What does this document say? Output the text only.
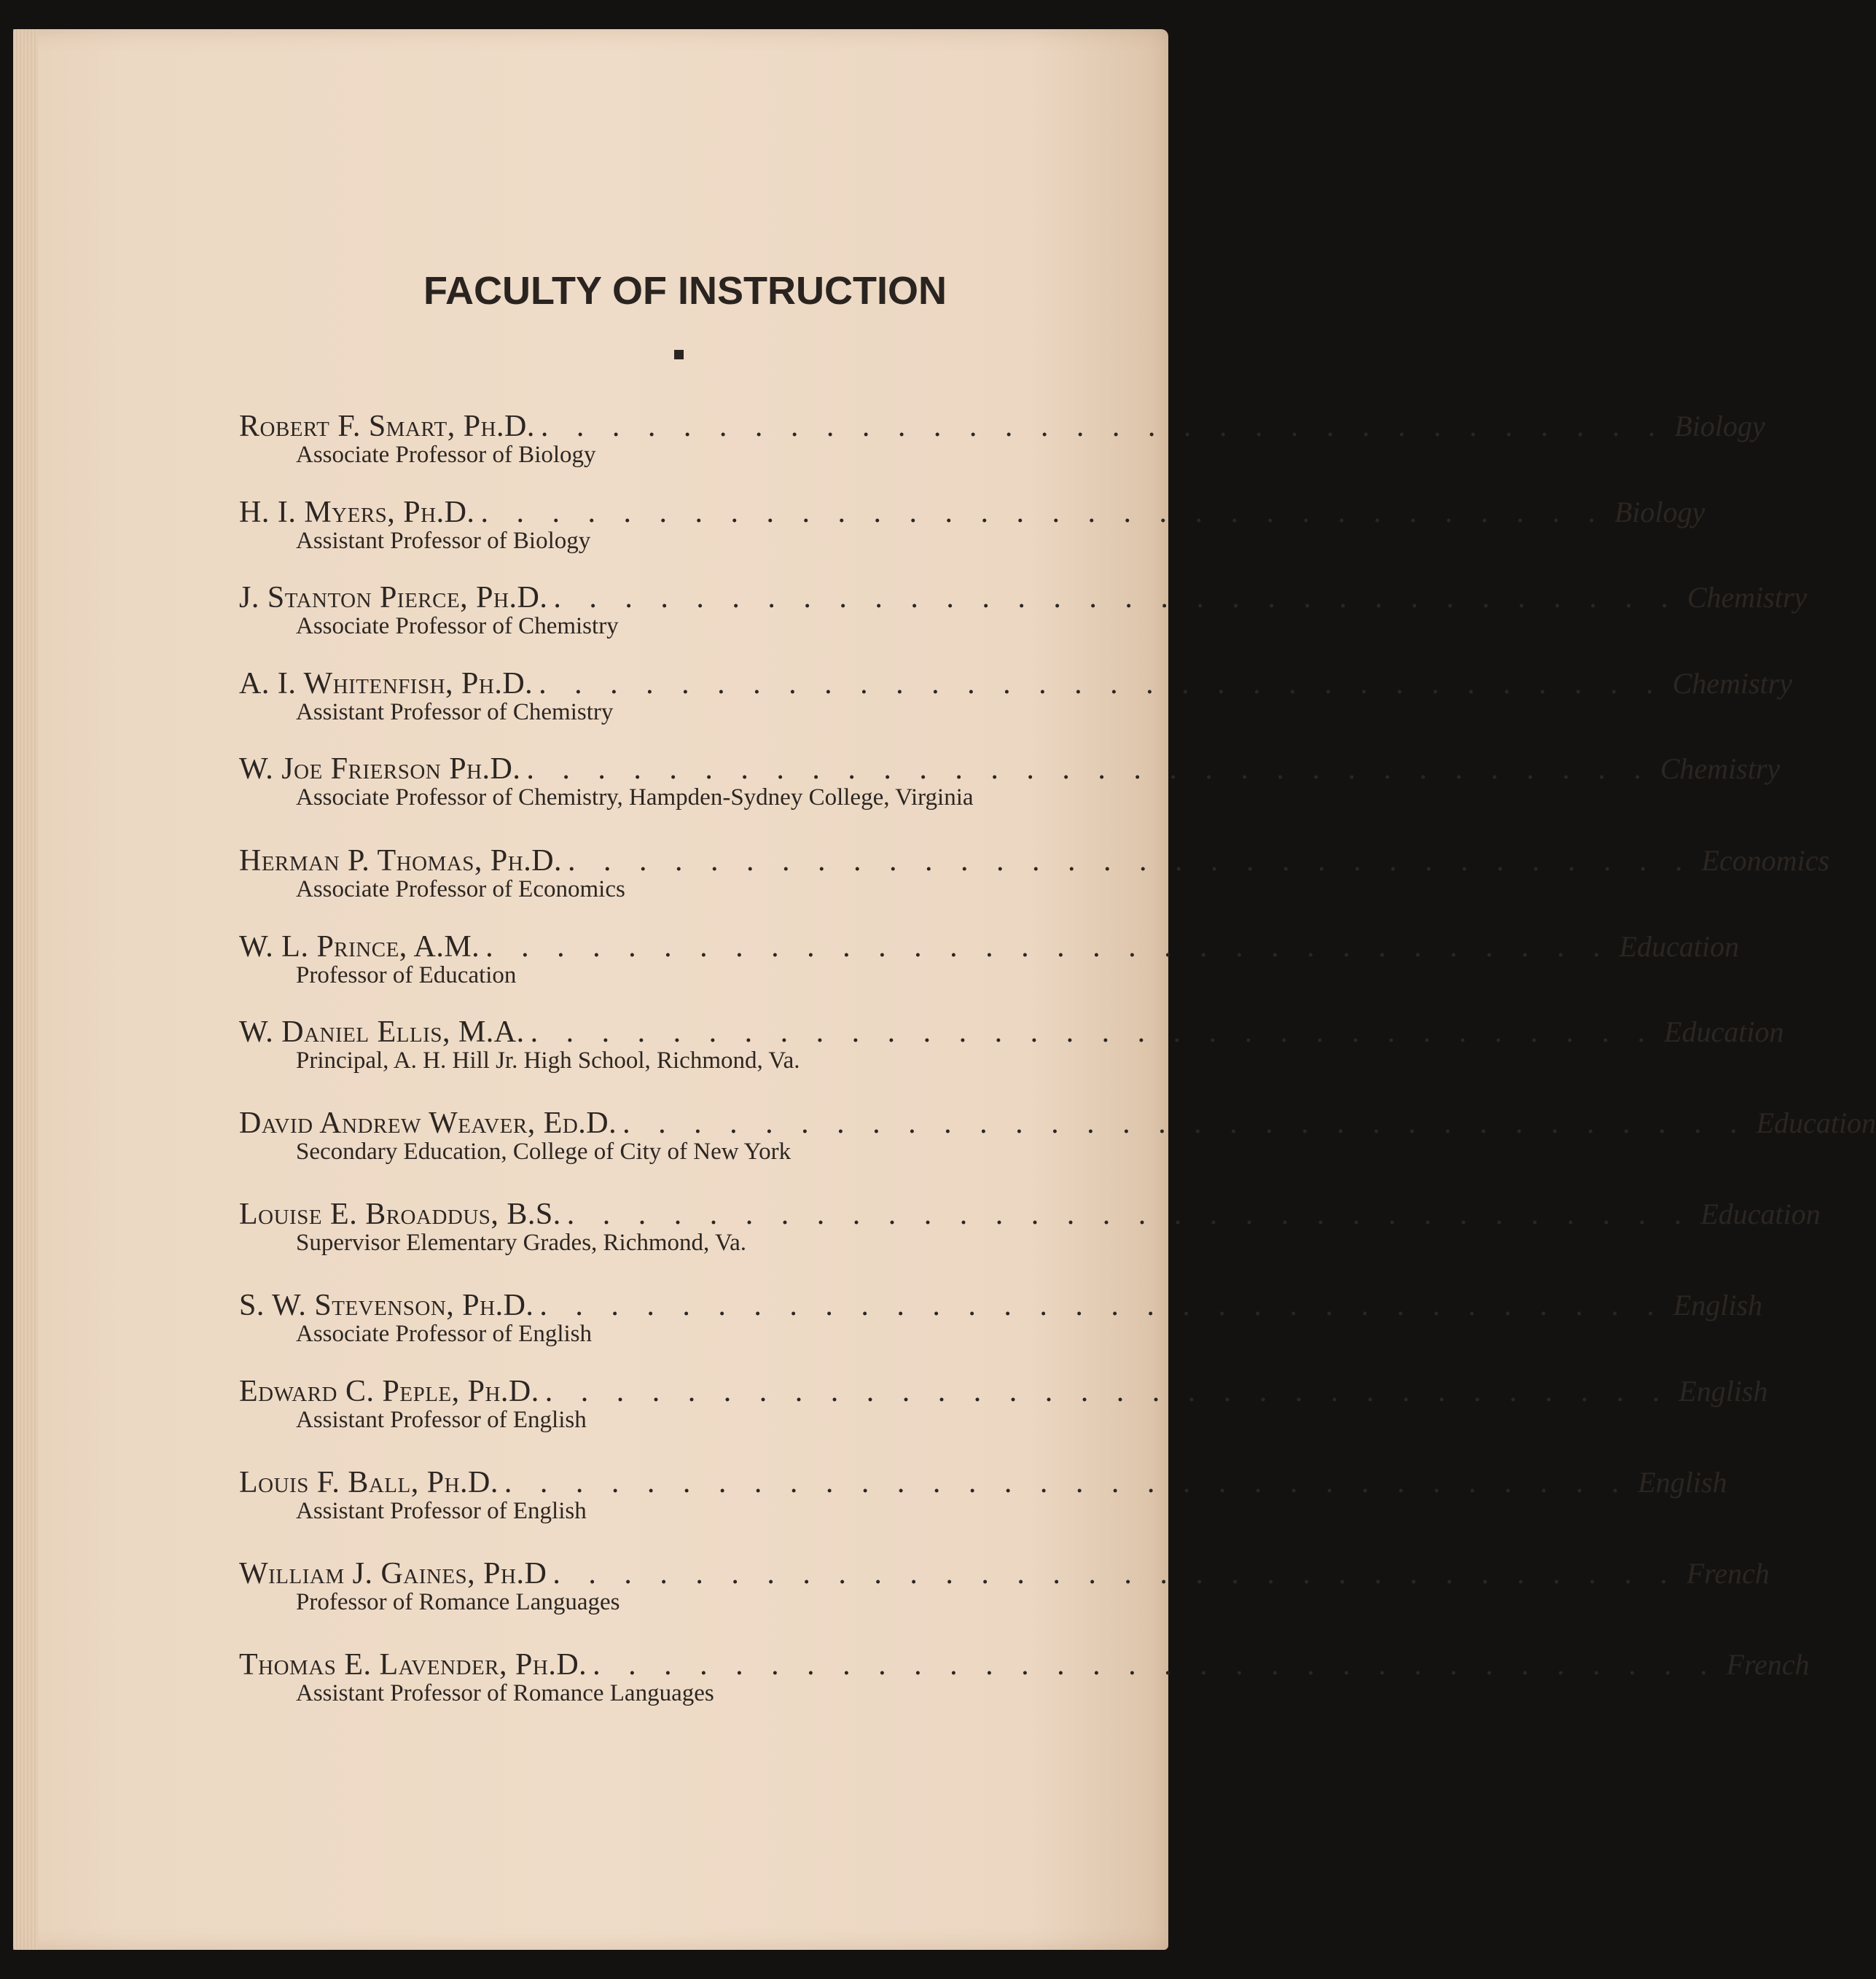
FACULTY OF INSTRUCTION
Robert F. Smart, Ph.D. . . . . . . . . . . . . . . . . . . . . . . . . . . . . . . . . Biology
Associate Professor of Biology
H. I. Myers, Ph.D. . . . . . . . . . . . . . . . . . . . . . . . . . . . . . . . . Biology
Assistant Professor of Biology
J. Stanton Pierce, Ph.D. . . . . . . . . . . . . . . . . . . . . . . . . . . . . . . . . Chemistry
Associate Professor of Chemistry
A. I. Whitenfish, Ph.D. . . . . . . . . . . . . . . . . . . . . . . . . . . . . . . . . Chemistry
Assistant Professor of Chemistry
W. Joe Frierson Ph.D. . . . . . . . . . . . . . . . . . . . . . . . . . . . . . . . . Chemistry
Associate Professor of Chemistry, Hampden-Sydney College, Virginia
Herman P. Thomas, Ph.D. . . . . . . . . . . . . . . . . . . . . . . . . . . . . . . . . Economics
Associate Professor of Economics
W. L. Prince, A.M. . . . . . . . . . . . . . . . . . . . . . . . . . . . . . . . . Education
Professor of Education
W. Daniel Ellis, M.A. . . . . . . . . . . . . . . . . . . . . . . . . . . . . . . . . Education
Principal, A. H. Hill Jr. High School, Richmond, Va.
David Andrew Weaver, Ed.D. . . . . . . . . . . . . . . . . . . . . . . . . . . . . . . . . Education
Secondary Education, College of City of New York
Louise E. Broaddus, B.S. . . . . . . . . . . . . . . . . . . . . . . . . . . . . . . . . Education
Supervisor Elementary Grades, Richmond, Va.
S. W. Stevenson, Ph.D. . . . . . . . . . . . . . . . . . . . . . . . . . . . . . . . . English
Associate Professor of English
Edward C. Peple, Ph.D. . . . . . . . . . . . . . . . . . . . . . . . . . . . . . . . . English
Assistant Professor of English
Louis F. Ball, Ph.D. . . . . . . . . . . . . . . . . . . . . . . . . . . . . . . . . English
Assistant Professor of English
William J. Gaines, Ph.D . . . . . . . . . . . . . . . . . . . . . . . . . . . . . . . . French
Professor of Romance Languages
Thomas E. Lavender, Ph.D. . . . . . . . . . . . . . . . . . . . . . . . . . . . . . . . . French
Assistant Professor of Romance Languages
